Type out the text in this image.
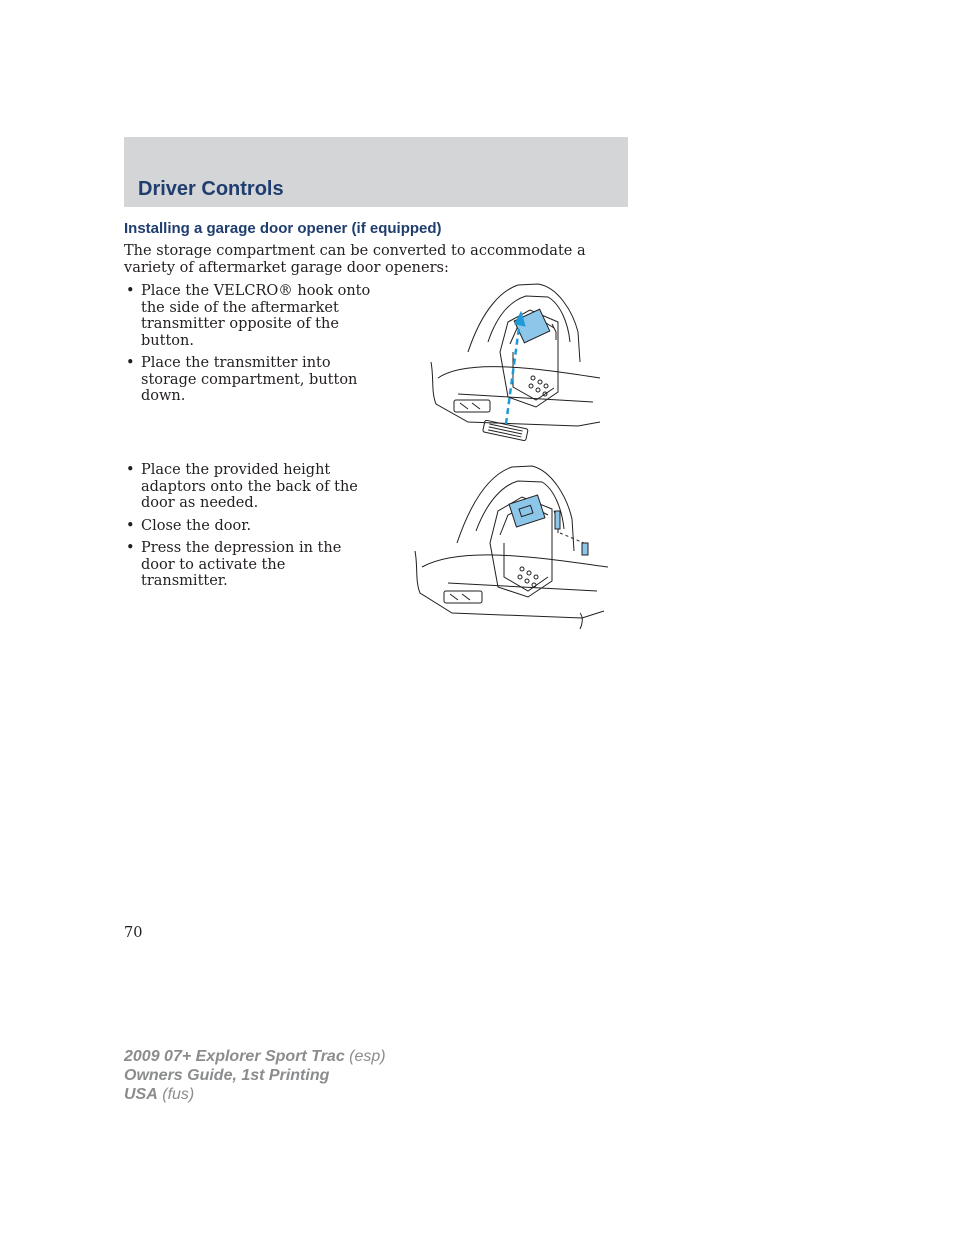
Driver Controls
Installing a garage door opener (if equipped)

The storage compartment can be converted to accommodate a variety of aftermarket garage door openers:

• Place the VELCRO® hook onto the side of the aftermarket transmitter opposite of the button.
• Place the transmitter into storage compartment, button down.
• Place the provided height adaptors onto the back of the door as needed.
• Close the door.
• Press the depression in the door to activate the transmitter.

70

2009 07+ Explorer Sport Trac (esp)
Owners Guide, 1st Printing
USA (fus)
